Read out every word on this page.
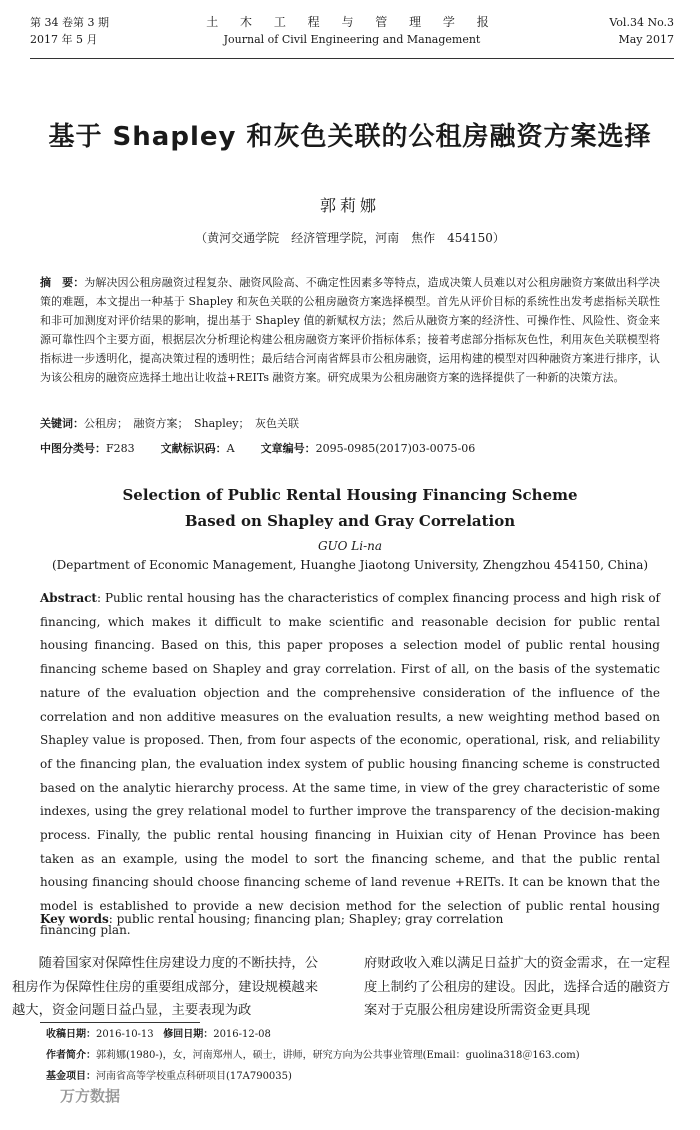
第 34 卷第 3 期
2017 年 5 月
土 木 工 程 与 管 理 学 报
Journal of Civil Engineering and Management
Vol.34 No.3
May 2017
基于 Shapley 和灰色关联的公租房融资方案选择
郭莉娜
（黄河交通学院　经济管理学院，河南　焦作　454150）
摘　要：为解决因公租房融资过程复杂、融资风险高、不确定性因素多等特点，造成决策人员难以对公租房融资方案做出科学决策的难题，本文提出一种基于 Shapley 和灰色关联的公租房融资方案选择模型。首先从评价目标的系统性出发考虑指标关联性和非可加测度对评价结果的影响，提出基于 Shapley 值的新赋权方法；然后从融资方案的经济性、可操作性、风险性、资金来源可靠性四个主要方面，根据层次分析理论构建公租房融资方案评价指标体系；接着考虑部分指标灰色性，利用灰色关联模型将指标进一步透明化，提高决策过程的透明性；最后结合河南省辉县市公租房融资，运用构建的模型对四种融资方案进行排序，认为该公租房的融资应选择土地出让收益+REITs 融资方案。研究成果为公租房融资方案的选择提供了一种新的决策方法。
关键词：公租房；　融资方案；　Shapley；　灰色关联
中图分类号：F283 文献标识码：A 文章编号：2095-0985(2017)03-0075-06
Selection of Public Rental Housing Financing Scheme
Based on Shapley and Gray Correlation
GUO Li-na
(Department of Economic Management, Huanghe Jiaotong University, Zhengzhou 454150, China)
Abstract: Public rental housing has the characteristics of complex financing process and high risk of financing, which makes it difficult to make scientific and reasonable decision for public rental housing financing. Based on this, this paper proposes a selection model of public rental housing financing scheme based on Shapley and gray correlation. First of all, on the basis of the systematic nature of the evaluation objection and the comprehensive consideration of the influence of the correlation and non additive measures on the evaluation results, a new weighting method based on Shapley value is proposed. Then, from four aspects of the economic, operational, risk, and reliability of the financing plan, the evaluation index system of public housing financing scheme is constructed based on the analytic hierarchy process. At the same time, in view of the grey characteristic of some indexes, using the grey relational model to further improve the transparency of the decision-making process. Finally, the public rental housing financing in Huixian city of Henan Province has been taken as an example, using the model to sort the financing scheme, and that the public rental housing financing should choose financing scheme of land revenue +REITs. It can be known that the model is established to provide a new decision method for the selection of public rental housing financing plan.
Key words: public rental housing; financing plan; Shapley; gray correlation
随着国家对保障性住房建设力度的不断扶持，公租房作为保障性住房的重要组成部分，建设规模越来越大，资金问题日益凸显，主要表现为政
府财政收入难以满足日益扩大的资金需求，在一定程度上制约了公租房的建设。因此，选择合适的融资方案对于克服公租房建设所需资金更具现
收稿日期：2016-10-13 修回日期：2016-12-08
作者简介：郭莉娜(1980-)，女，河南郑州人，硕士，讲师，研究方向为公共事业管理(Email：guolina318＠163.com)
基金项目：河南省高等学校重点科研项目(17A790035)
万方数据
